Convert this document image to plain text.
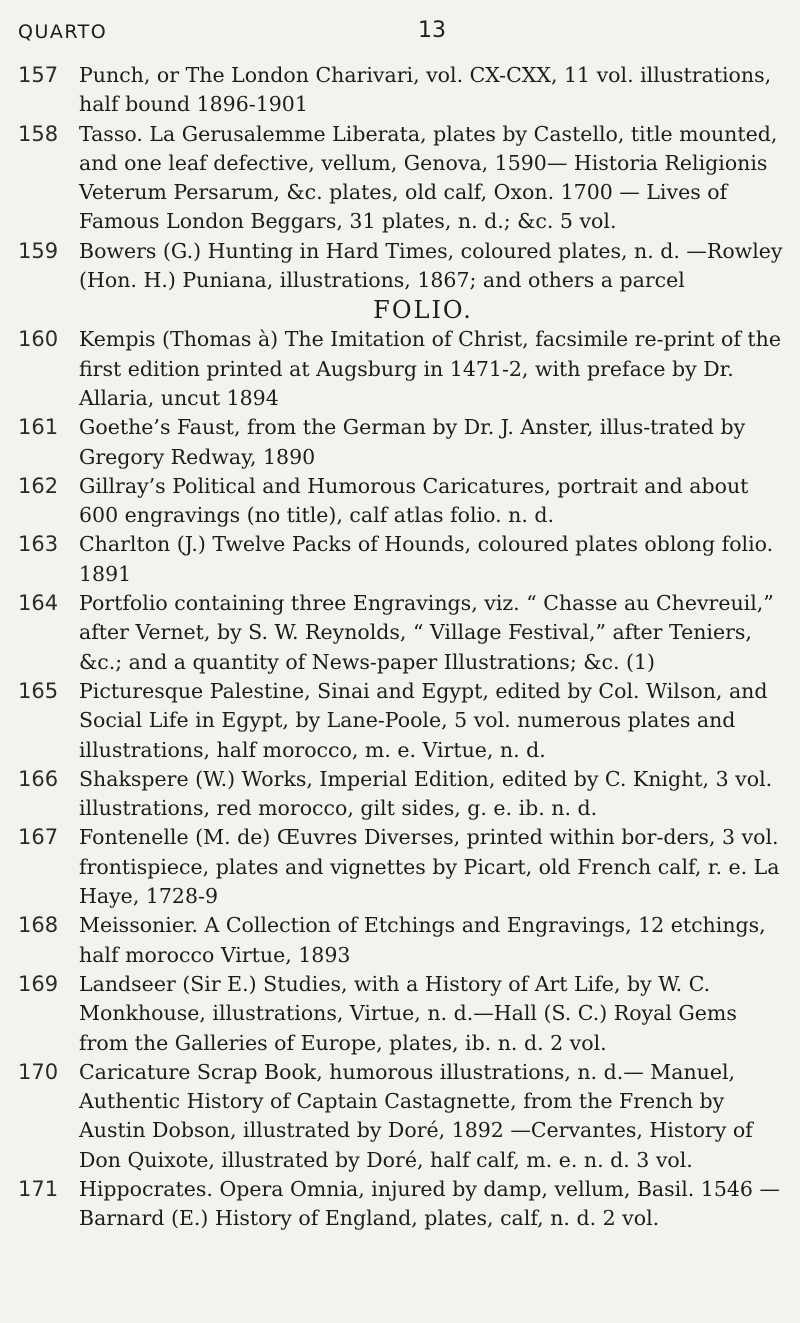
QUARTO	13
157 Punch, or The London Charivari, vol. CX-CXX, 11 vol. illustrations, half bound 1896-1901
158 Tasso. La Gerusalemme Liberata, plates by Castello, title mounted, and one leaf defective, vellum, Genova, 1590— Historia Religionis Veterum Persarum, &c. plates, old calf, Oxon. 1700 — Lives of Famous London Beggars, 31 plates, n. d.; &c. 5 vol.
159 Bowers (G.) Hunting in Hard Times, coloured plates, n. d. —Rowley (Hon. H.) Puniana, illustrations, 1867; and others a parcel
FOLIO.
160 Kempis (Thomas à) The Imitation of Christ, facsimile re-print of the first edition printed at Augsburg in 1471-2, with preface by Dr. Allaria, uncut 1894
161 Goethe’s Faust, from the German by Dr. J. Anster, illus-trated by Gregory Redway, 1890
162 Gillray’s Political and Humorous Caricatures, portrait and about 600 engravings (no title), calf atlas folio. n. d.
163 Charlton (J.) Twelve Packs of Hounds, coloured plates oblong folio. 1891
164 Portfolio containing three Engravings, viz. “ Chasse au Chevreuil,” after Vernet, by S. W. Reynolds, “ Village Festival,” after Teniers, &c.; and a quantity of News-paper Illustrations; &c. (1)
165 Picturesque Palestine, Sinai and Egypt, edited by Col. Wilson, and Social Life in Egypt, by Lane-Poole, 5 vol. numerous plates and illustrations, half morocco, m. e. Virtue, n. d.
166 Shakspere (W.) Works, Imperial Edition, edited by C. Knight, 3 vol. illustrations, red morocco, gilt sides, g. e. ib. n. d.
167 Fontenelle (M. de) Œuvres Diverses, printed within bor-ders, 3 vol. frontispiece, plates and vignettes by Picart, old French calf, r. e. La Haye, 1728-9
168 Meissonier. A Collection of Etchings and Engravings, 12 etchings, half morocco Virtue, 1893
169 Landseer (Sir E.) Studies, with a History of Art Life, by W. C. Monkhouse, illustrations, Virtue, n. d.—Hall (S. C.) Royal Gems from the Galleries of Europe, plates, ib. n. d. 2 vol.
170 Caricature Scrap Book, humorous illustrations, n. d.— Manuel, Authentic History of Captain Castagnette, from the French by Austin Dobson, illustrated by Doré, 1892 —Cervantes, History of Don Quixote, illustrated by Doré, half calf, m. e. n. d. 3 vol.
171 Hippocrates. Opera Omnia, injured by damp, vellum, Basil. 1546 — Barnard (E.) History of England, plates, calf, n. d. 2 vol.
